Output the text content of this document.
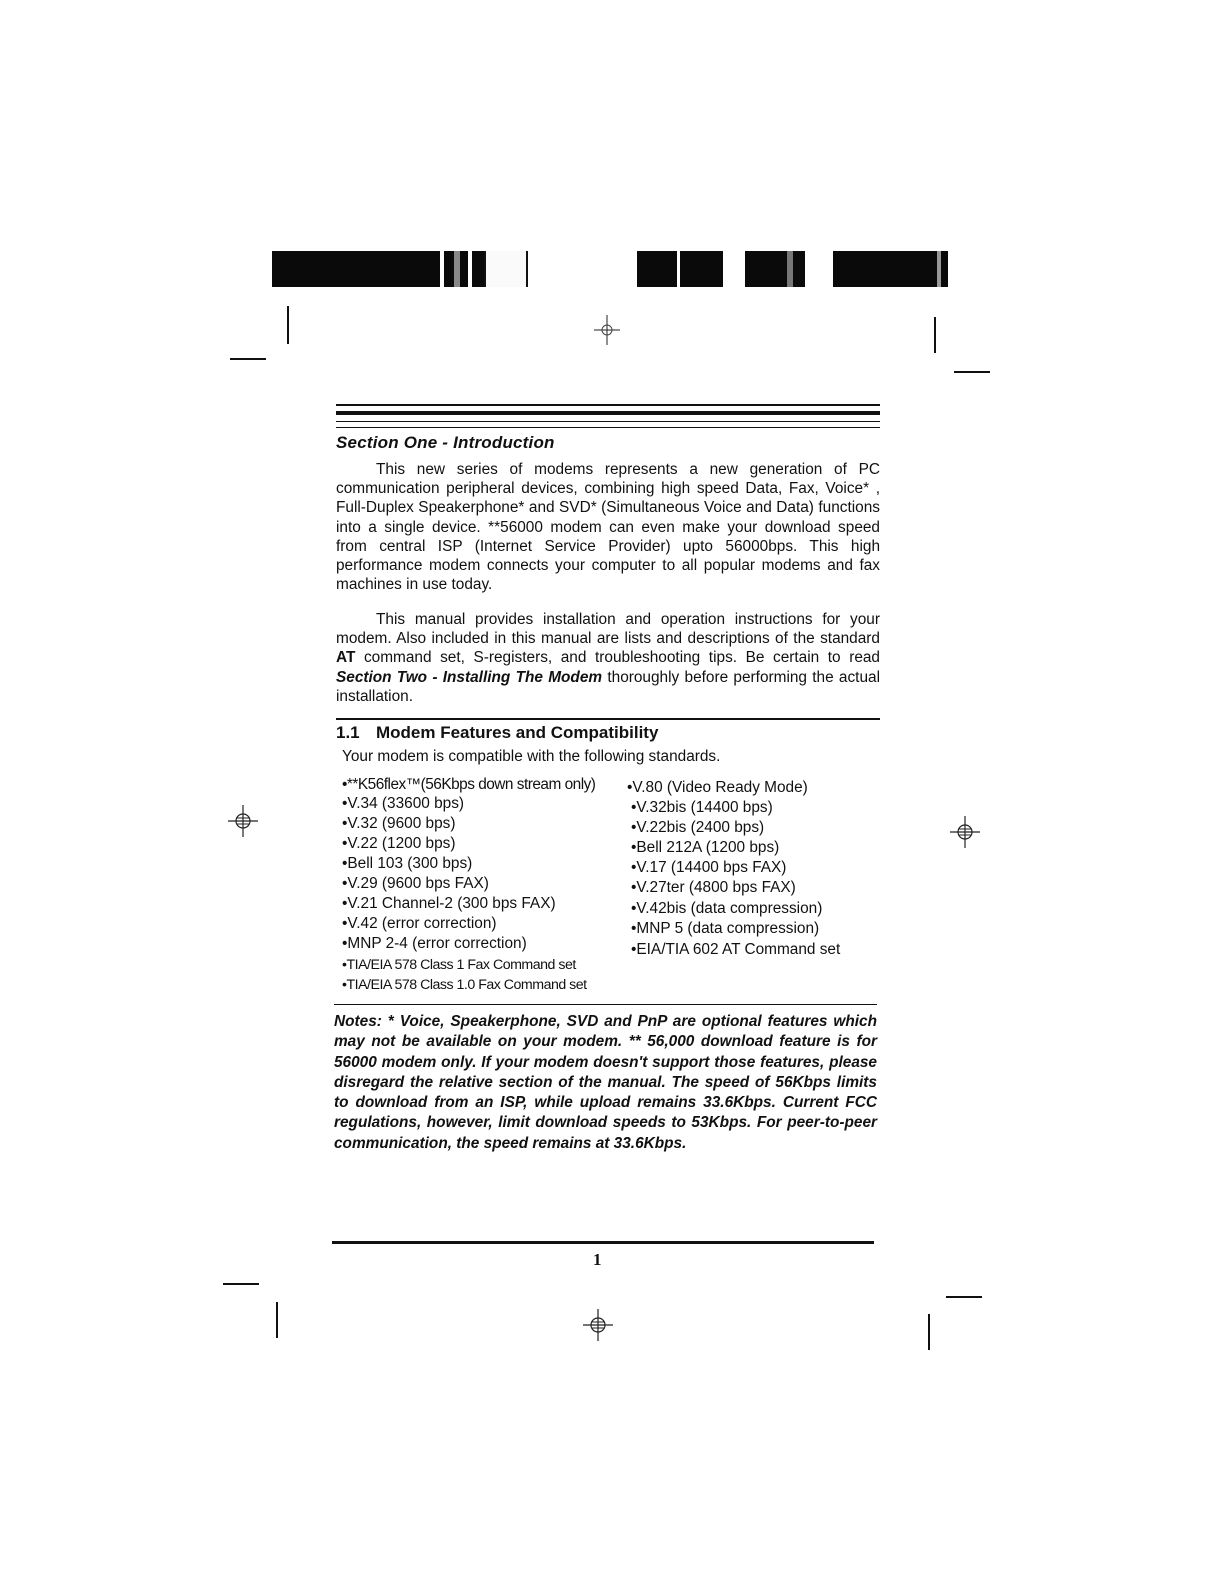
Section One - Introduction
This new series of modems represents a new generation of PC communication peripheral devices, combining high speed Data, Fax, Voice* , Full-Duplex Speakerphone* and SVD* (Simultaneous Voice and Data) functions into a single device. **56000 modem can even make your download speed from central ISP (Internet Service Provider) upto 56000bps. This high performance modem connects your computer to all popular modems and fax machines in use today.
This manual provides installation and operation instructions for your modem. Also included in this manual are lists and descriptions of the standard AT command set, S-registers, and troubleshooting tips. Be certain to read Section Two - Installing The Modem thoroughly before performing the actual installation.
1.1 Modem Features and Compatibility
Your modem is compatible with the following standards.
•**K56flex™(56Kbps down stream only)
•V.34 (33600 bps)
•V.32 (9600 bps)
•V.22 (1200 bps)
•Bell 103 (300 bps)
•V.29 (9600 bps FAX)
•V.21 Channel-2 (300 bps FAX)
•V.42 (error correction)
•MNP 2-4 (error correction)
•TIA/EIA 578 Class 1 Fax Command set
•TIA/EIA 578 Class 1.0 Fax Command set
•V.80 (Video Ready Mode)
•V.32bis (14400 bps)
•V.22bis (2400 bps)
•Bell 212A (1200 bps)
•V.17 (14400 bps FAX)
•V.27ter (4800 bps FAX)
•V.42bis (data compression)
•MNP 5 (data compression)
•EIA/TIA 602 AT Command set
Notes: * Voice, Speakerphone, SVD and PnP are optional features which may not be available on your modem. ** 56,000 download feature is for 56000 modem only. If your modem doesn't support those features, please disregard the relative section of the manual. The speed of 56Kbps limits to download from an ISP, while upload remains 33.6Kbps. Current FCC regulations, however, limit download speeds to 53Kbps. For peer-to-peer communication, the speed remains at 33.6Kbps.
1
